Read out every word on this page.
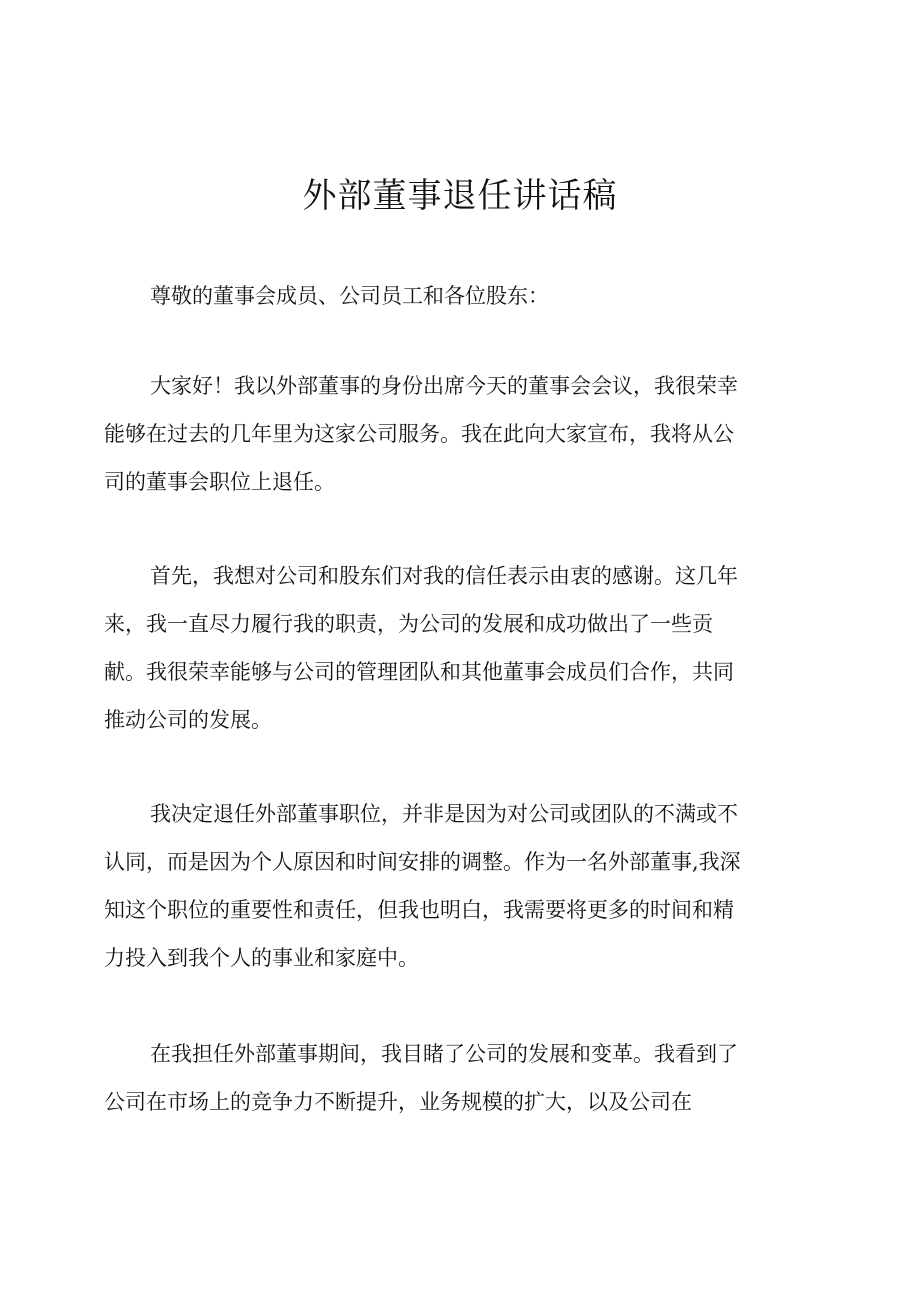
外部董事退任讲话稿

尊敬的董事会成员、公司员工和各位股东：

大家好！我以外部董事的身份出席今天的董事会会议，我很荣幸
能够在过去的几年里为这家公司服务。我在此向大家宣布，我将从公
司的董事会职位上退任。

首先，我想对公司和股东们对我的信任表示由衷的感谢。这几年
来，我一直尽力履行我的职责，为公司的发展和成功做出了一些贡
献。我很荣幸能够与公司的管理团队和其他董事会成员们合作，共同
推动公司的发展。

我决定退任外部董事职位，并非是因为对公司或团队的不满或不
认同，而是因为个人原因和时间安排的调整。作为一名外部董事,我深
知这个职位的重要性和责任，但我也明白，我需要将更多的时间和精
力投入到我个人的事业和家庭中。

在我担任外部董事期间，我目睹了公司的发展和变革。我看到了
公司在市场上的竞争力不断提升，业务规模的扩大，以及公司在
